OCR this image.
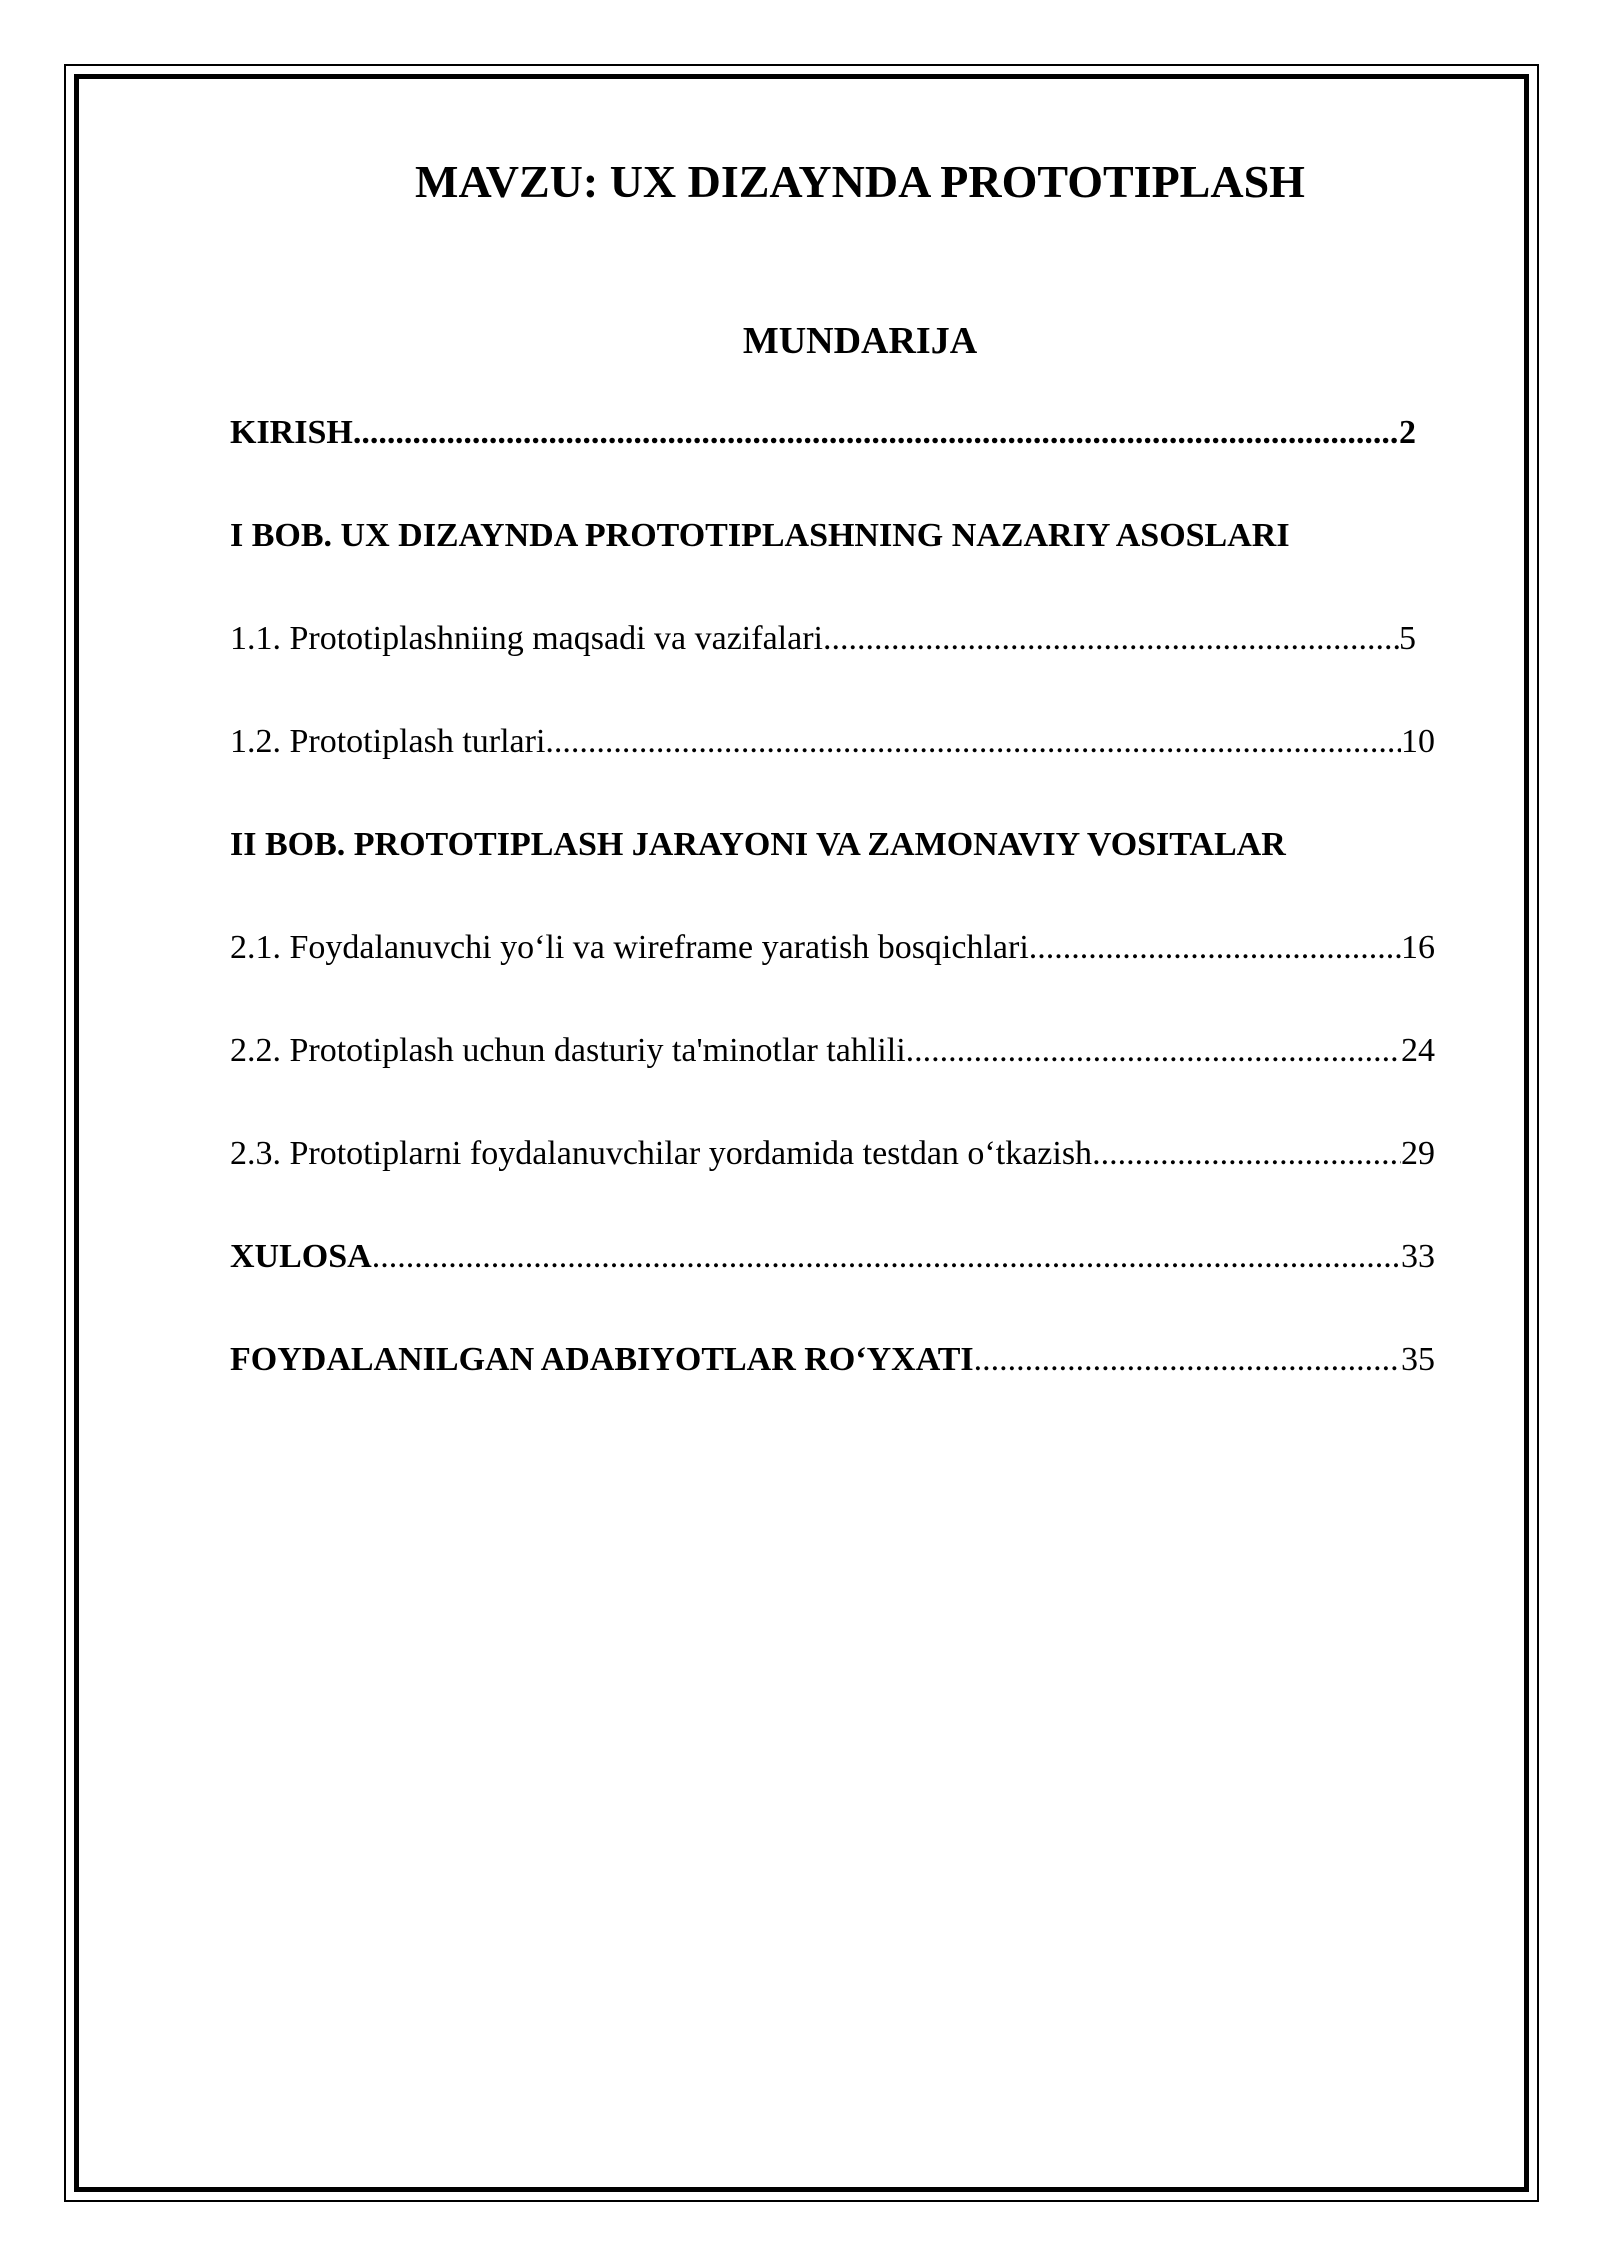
MAVZU: UX DIZAYNDA PROTOTIPLASH
MUNDARIJA
KIRISH .....	2
I BOB. UX DIZAYNDA PROTOTIPLASHNING NAZARIY ASOSLARI
1.1. Prototiplashniing maqsadi va vazifalari .....	5
1.2. Prototiplash turlari .....	10
II BOB. PROTOTIPLASH JARAYONI VA ZAMONAVIY VOSITALAR
2.1. Foydalanuvchi yo‘li va wireframe yaratish bosqichlari .....	16
2.2. Prototiplash uchun dasturiy ta'minotlar tahlili .....	24
2.3. Prototiplarni foydalanuvchilar yordamida testdan o‘tkazish .....	29
XULOSA .....	33
FOYDALANILGAN ADABIYOTLAR RO‘YXATI .....	35
